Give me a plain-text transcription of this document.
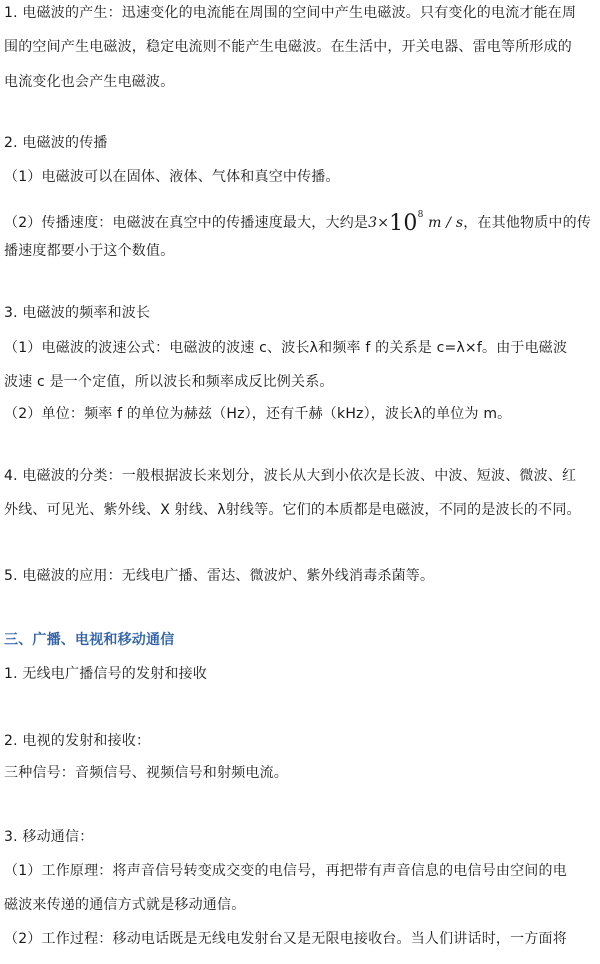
1. 电磁波的产生：迅速变化的电流能在周围的空间中产生电磁波。只有变化的电流才能在周
围的空间产生电磁波，稳定电流则不能产生电磁波。在生活中，开关电器、雷电等所形成的
电流变化也会产生电磁波。
2. 电磁波的传播
（1）电磁波可以在固体、液体、气体和真空中传播。
（2）传播速度：电磁波在真空中的传播速度最大，大约是$3\times 10^8$ m / s，在其他物质中的传
播速度都要小于这个数值。
3. 电磁波的频率和波长
（1）电磁波的波速公式：电磁波的波速 c、波长λ和频率 f 的关系是 c=λ×f。由于电磁波
波速 c 是一个定值，所以波长和频率成反比例关系。
（2）单位：频率 f 的单位为赫兹（Hz），还有千赫（kHz），波长λ的单位为 m。
4. 电磁波的分类：一般根据波长来划分，波长从大到小依次是长波、中波、短波、微波、红
外线、可见光、紫外线、X 射线、λ射线等。它们的本质都是电磁波，不同的是波长的不同。
5. 电磁波的应用：无线电广播、雷达、微波炉、紫外线消毒杀菌等。
三、广播、电视和移动通信
1. 无线电广播信号的发射和接收
2. 电视的发射和接收：
三种信号：音频信号、视频信号和射频电流。
3. 移动通信：
（1）工作原理：将声音信号转变成交变的电信号，再把带有声音信息的电信号由空间的电
磁波来传递的通信方式就是移动通信。
（2）工作过程：移动电话既是无线电发射台又是无限电接收台。当人们讲话时，一方面将
